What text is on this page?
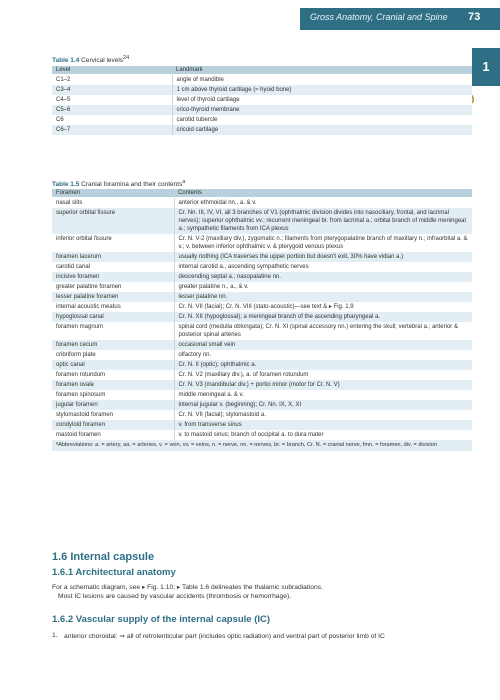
Gross Anatomy, Cranial and Spine 73
1
Table 1.4 Cervical levels$^{24}$
Level	Landmark
C1–2	angle of mandible
C3–4	1 cm above thyroid cartilage (≈ hyoid bone)
C4–5	level of thyroid cartilage
C5–6	crico-thyroid membrane
C6	carotid tubercle
C6–7	cricoid cartilage
Table 1.5 Cranial foramina and their contents$^a$
Foramen	Contents
nasal slits	anterior ethmoidal nn., a. & v.
superior orbital fissure	Cr. Nn. III, IV, VI, all 3 branches of V1 (ophthalmic division divides into nasociliary, frontal, and lacrimal nerves); superior ophthalmic vv.; recurrent meningeal br. from lacrimal a.; orbital branch of middle meningeal a.; sympathetic filaments from ICA plexus
inferior orbital fissure	Cr. N. V-2 (maxillary div.), zygomatic n.; filaments from pterygopalatine branch of maxillary n.; infraorbital a. & v.; v. between inferior ophthalmic v. & pterygoid venous plexus
foramen lacerum	usually nothing (ICA traverses the upper portion but doesn't exit, 30% have vidian a.)
carotid canal	internal carotid a., ascending sympathetic nerves
incisive foramen	descending septal a.; nasopalatine nn.
greater palatine foramen	greater palatine n., a., & v.
lesser palatine foramen	lesser palatine nn.
internal acoustic meatus	Cr. N. VII (facial); Cr. N. VIII (stato-acoustic)—see text & ▸ Fig. 1.9
hypoglossal canal	Cr. N. XII (hypoglossal); a meningeal branch of the ascending pharyngeal a.
foramen magnum	spinal cord (medulla oblongata); Cr. N. XI (spinal accessory nn.) entering the skull; vertebral a.; anterior & posterior spinal arteries
foramen cecum	occasional small vein
cribriform plate	olfactory nn.
optic canal	Cr. N. II (optic); ophthalmic a.
foramen rotundum	Cr. N. V2 (maxillary div.), a. of foramen rotundum
foramen ovale	Cr. N. V3 (mandibular div.) + portio minor (motor for Cr. N. V)
foramen spinosum	middle meningeal a. & v.
jugular foramen	internal jugular v. (beginning); Cr. Nn. IX, X, XI
stylomastoid foramen	Cr. N. VII (facial); stylomastoid a.
condyloid foramen	v. from transverse sinus
mastoid foramen	v. to mastoid sinus; branch of occipital a. to dura mater
ªAbbreviations: a. = artery, aa. = arteries, v. = vein, vv. = veins, n. = nerve, nn. = nerves, br. = branch, Cr. N. = cranial nerve, fmn. = foramen, div. = division
1.6 Internal capsule
1.6.1 Architectural anatomy
For a schematic diagram, see ▸ Fig. 1.10; ▸ Table 1.6 delineates the thalamic subradiations.
Most IC lesions are caused by vascular accidents (thrombosis or hemorrhage).
1.6.2 Vascular supply of the internal capsule (IC)
1. anterior choroidal: ⇒ all of retrolenticular part (includes optic radiation) and ventral part of posterior limb of IC
